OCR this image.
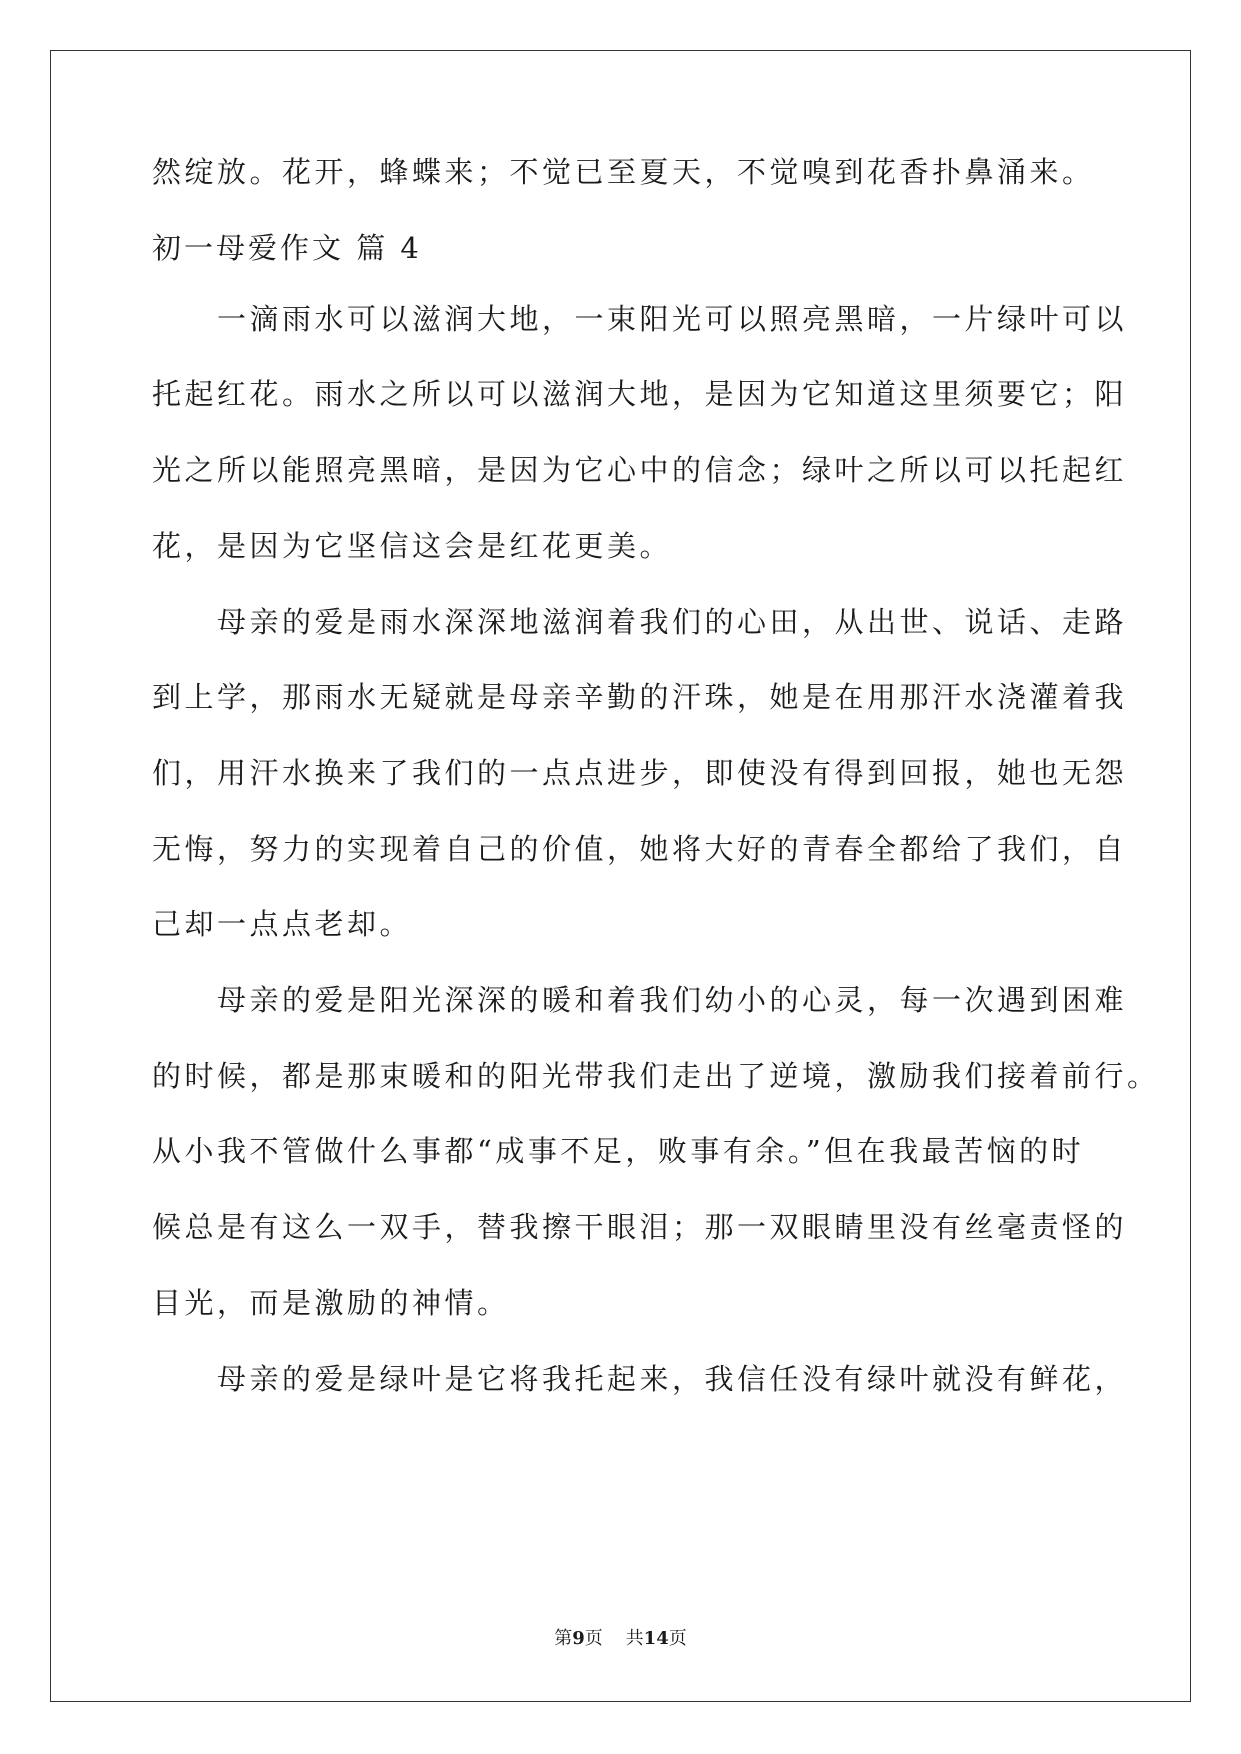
然绽放。花开，蜂蝶来；不觉已至夏天，不觉嗅到花香扑鼻涌来。

初一母爱作文 篇 4

　　一滴雨水可以滋润大地，一束阳光可以照亮黑暗，一片绿叶可以

托起红花。雨水之所以可以滋润大地，是因为它知道这里须要它；阳

光之所以能照亮黑暗，是因为它心中的信念；绿叶之所以可以托起红

花，是因为它坚信这会是红花更美。

　　母亲的爱是雨水深深地滋润着我们的心田，从出世、说话、走路

到上学，那雨水无疑就是母亲辛勤的汗珠，她是在用那汗水浇灌着我

们，用汗水换来了我们的一点点进步，即使没有得到回报，她也无怨

无悔，努力的实现着自己的价值，她将大好的青春全都给了我们，自

己却一点点老却。

　　母亲的爱是阳光深深的暖和着我们幼小的心灵，每一次遇到困难

的时候，都是那束暖和的阳光带我们走出了逆境，激励我们接着前行。

从小我不管做什么事都“成事不足，败事有余。”但在我最苦恼的时

候总是有这么一双手，替我擦干眼泪；那一双眼睛里没有丝毫责怪的

目光，而是激励的神情。

　　母亲的爱是绿叶是它将我托起来，我信任没有绿叶就没有鲜花，

第9页 共14页
